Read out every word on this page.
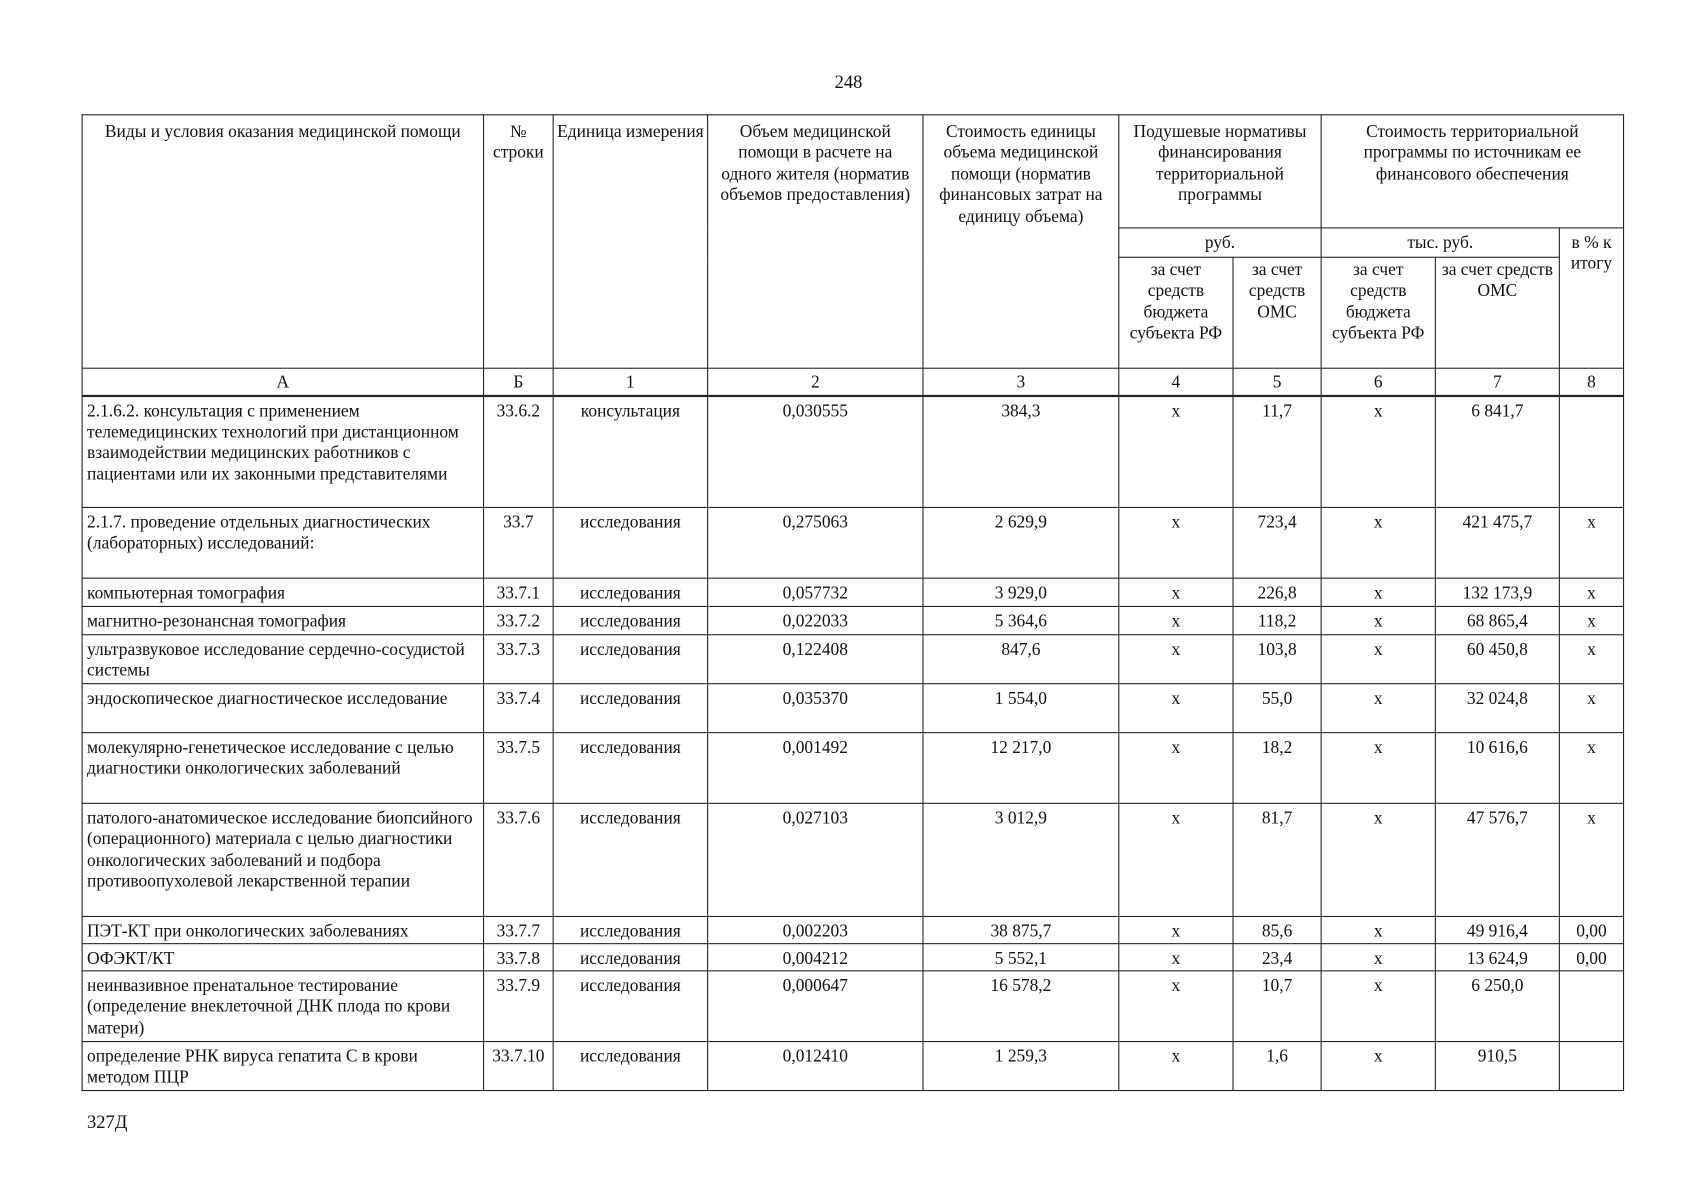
248
Виды и условия оказания медицинской помощи	№ строки	Единица измерения	Объем медицинской помощи в расчете на одного жителя (норматив объемов предоставления)	Стоимость единицы объема медицинской помощи (норматив финансовых затрат на единицу объема)	Подушевые нормативы финансирования территориальной программы		Стоимость территориальной программы по источникам ее финансового обеспечения		
					руб.		тыс. руб.		в % к итогу
					за счет средств бюджета субъекта РФ	за счет средств ОМС	за счет средств бюджета субъекта РФ	за счет средств ОМС	
А	Б	1	2	3	4	5	6	7	8
2.1.6.2. консультация с применением телемедицинских технологий при дистанционном взаимодействии медицинских работников с пациентами или их законными представителями	33.6.2	консультация	0,030555	384,3	х	11,7	х	6 841,7	
2.1.7. проведение отдельных диагностических (лабораторных) исследований:	33.7	исследования	0,275063	2 629,9	х	723,4	х	421 475,7	х
компьютерная томография	33.7.1	исследования	0,057732	3 929,0	х	226,8	х	132 173,9	х
магнитно-резонансная томография	33.7.2	исследования	0,022033	5 364,6	х	118,2	х	68 865,4	х
ультразвуковое исследование сердечно-сосудистой системы	33.7.3	исследования	0,122408	847,6	х	103,8	х	60 450,8	х
эндоскопическое диагностическое исследование	33.7.4	исследования	0,035370	1 554,0	х	55,0	х	32 024,8	х
молекулярно-генетическое исследование с целью диагностики онкологических заболеваний	33.7.5	исследования	0,001492	12 217,0	х	18,2	х	10 616,6	х
патолого-анатомическое исследование биопсийного (операционного) материала с целью диагностики онкологических заболеваний и подбора противоопухолевой лекарственной терапии	33.7.6	исследования	0,027103	3 012,9	х	81,7	х	47 576,7	х
ПЭТ-КТ при онкологических заболеваниях	33.7.7	исследования	0,002203	38 875,7	х	85,6	х	49 916,4	0,00
ОФЭКТ/КТ	33.7.8	исследования	0,004212	5 552,1	х	23,4	х	13 624,9	0,00
неинвазивное пренатальное тестирование (определение внеклеточной ДНК плода по крови матери)	33.7.9	исследования	0,000647	16 578,2	х	10,7	х	6 250,0	
определение РНК вируса гепатита С в крови методом ПЦР	33.7.10	исследования	0,012410	1 259,3	х	1,6	х	910,5	
327Д
